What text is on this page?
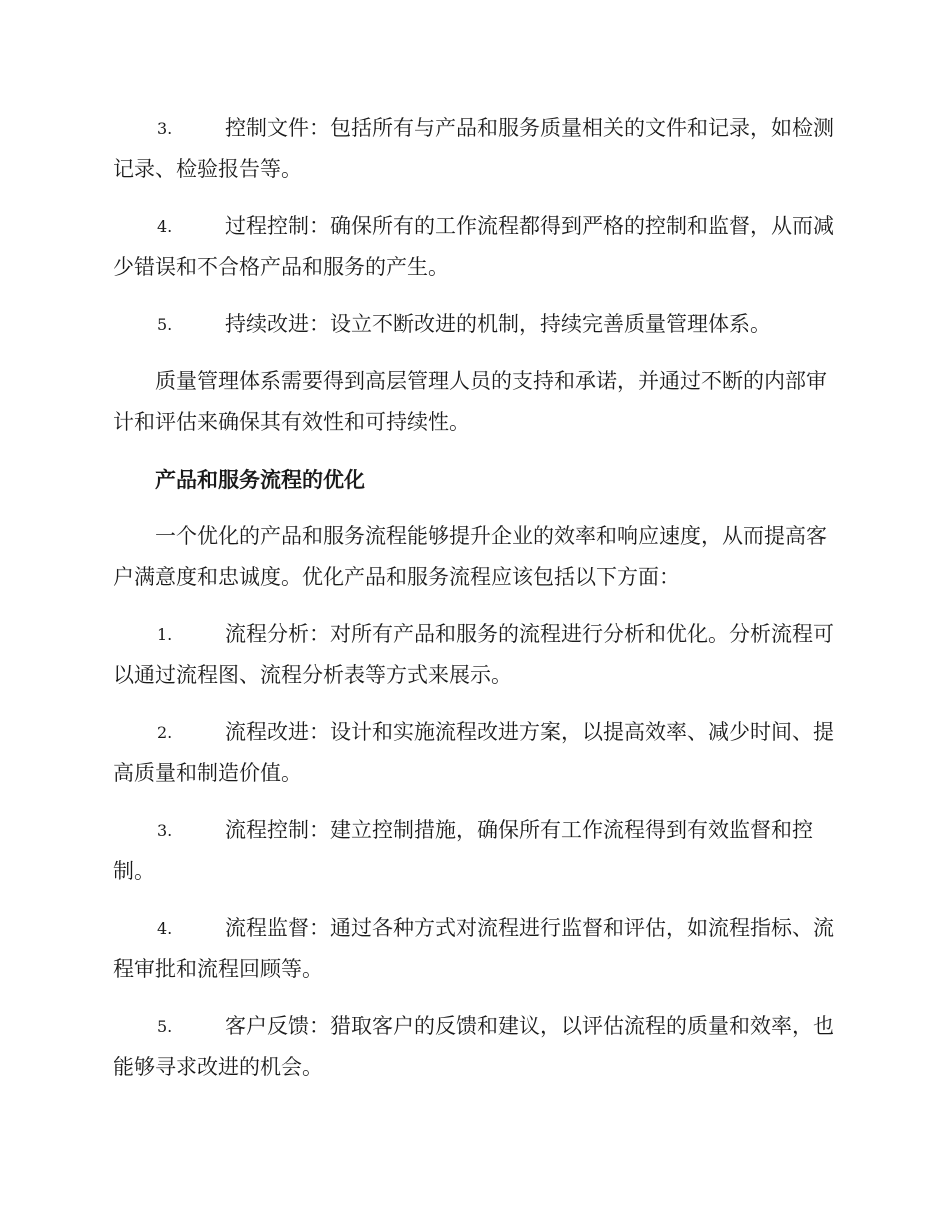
3.	控制文件：包括所有与产品和服务质量相关的文件和记录，如检测记录、检验报告等。
4.	过程控制：确保所有的工作流程都得到严格的控制和监督，从而减少错误和不合格产品和服务的产生。
5.	持续改进：设立不断改进的机制，持续完善质量管理体系。

质量管理体系需要得到高层管理人员的支持和承诺，并通过不断的内部审计和评估来确保其有效性和可持续性。

产品和服务流程的优化

一个优化的产品和服务流程能够提升企业的效率和响应速度，从而提高客户满意度和忠诚度。优化产品和服务流程应该包括以下方面：

1.	流程分析：对所有产品和服务的流程进行分析和优化。分析流程可以通过流程图、流程分析表等方式来展示。
2.	流程改进：设计和实施流程改进方案，以提高效率、减少时间、提高质量和制造价值。
3.	流程控制：建立控制措施，确保所有工作流程得到有效监督和控制。
4.	流程监督：通过各种方式对流程进行监督和评估，如流程指标、流程审批和流程回顾等。
5.	客户反馈：猎取客户的反馈和建议，以评估流程的质量和效率，也能够寻求改进的机会。
